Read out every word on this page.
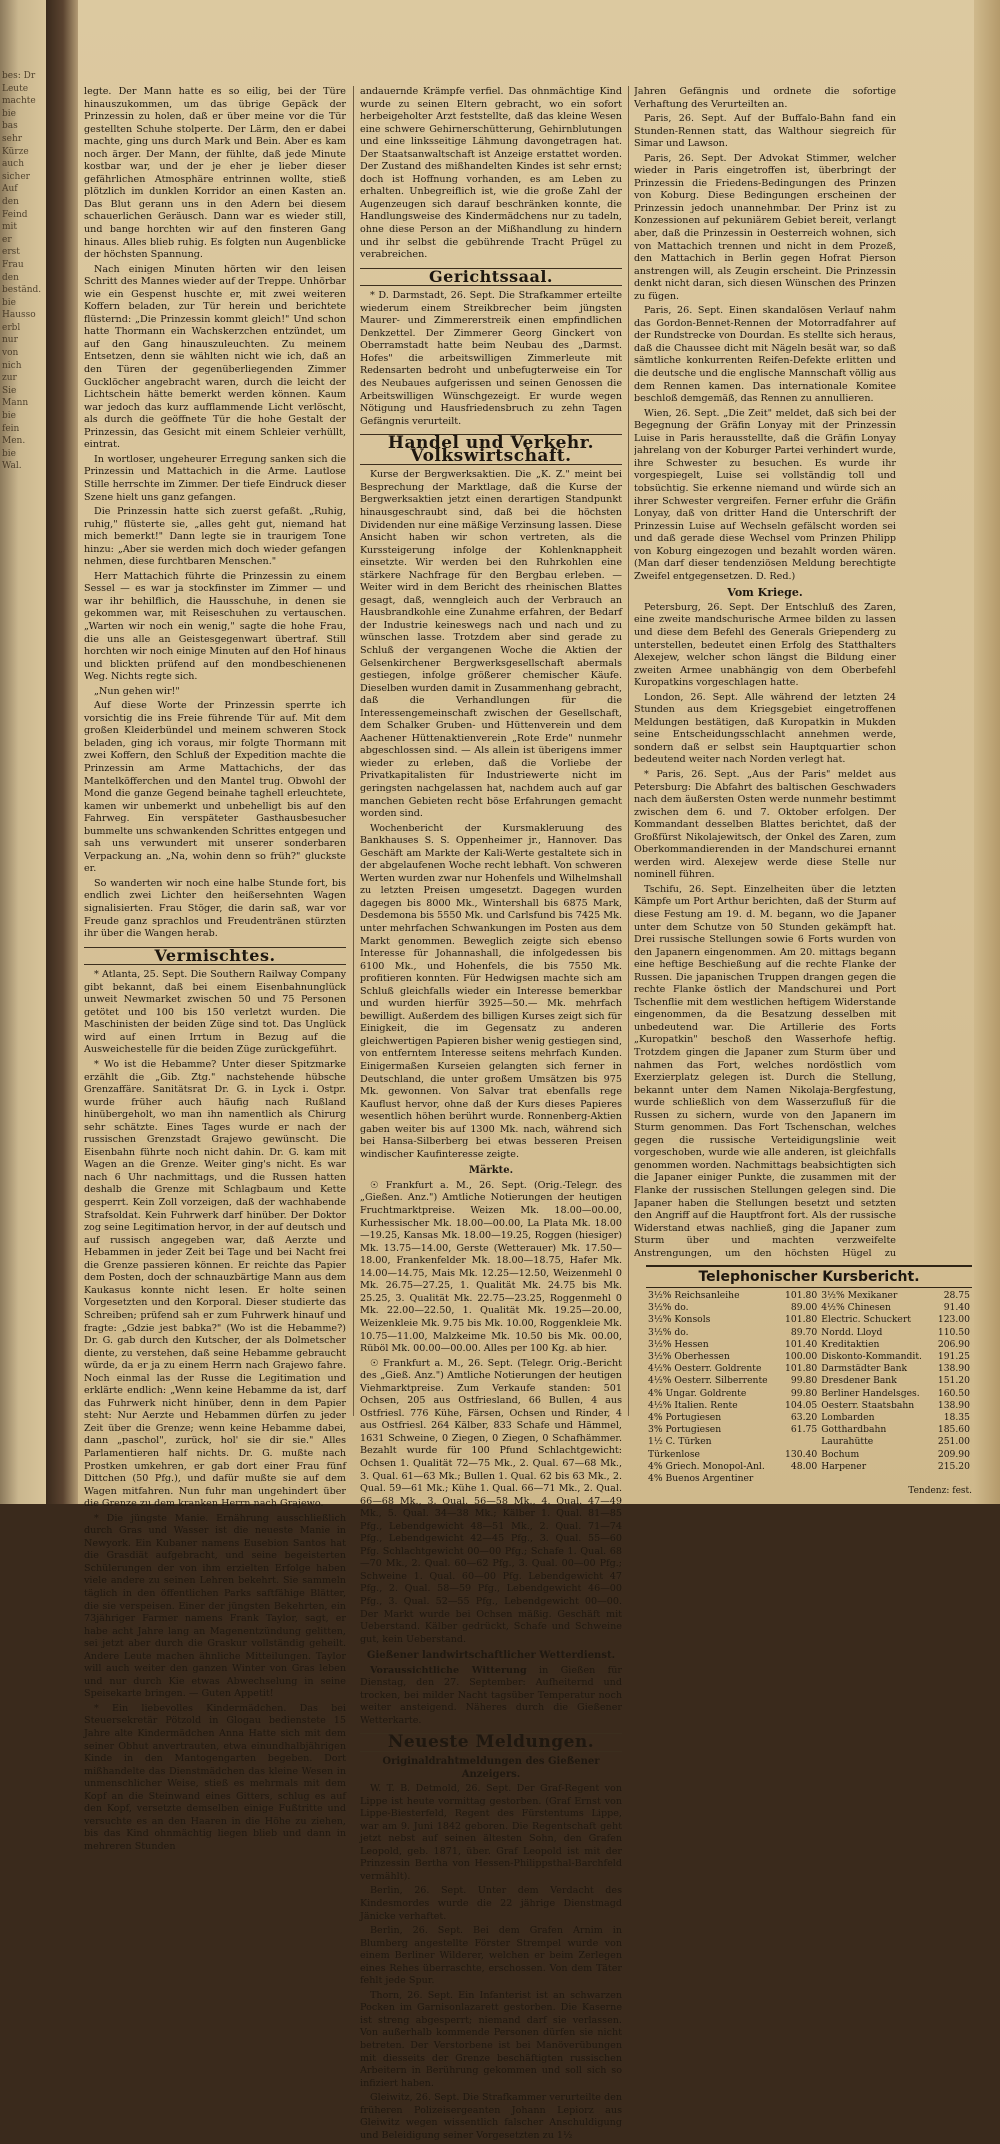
bes: Dr
Leute
machte
bie
bas
sehr
Kürze
auch
sicher
Auf
den
Feind
mit
er
erst
Frau
den
beständ.
bie
Hausso
erbl
nur
von
nich
zur
Sie
Mann
bie
fein
Men.
bie
Wal.

legte. Der Mann hatte es so eilig, bei der Türe hinauszukommen, um das übrige Gepäck der Prinzessin zu holen, daß er über meine vor die Tür gestellten Schuhe stolperte. Der Lärm, den er dabei machte, ging uns durch Mark und Bein. Aber es kam noch ärger. Der Mann, der fühlte, daß jede Minute kostbar war, und der je eher je lieber dieser gefährlichen Atmosphäre entrinnen wollte, stieß plötzlich im dunklen Korridor an einen Kasten an. Das Blut gerann uns in den Adern bei diesem schauerlichen Geräusch. Dann war es wieder still, und bange horchten wir auf den finsteren Gang hinaus. Alles blieb ruhig. Es folgten nun Augenblicke der höchsten Spannung.

Nach einigen Minuten hörten wir den leisen Schritt des Mannes wieder auf der Treppe. Unhörbar wie ein Gespenst huschte er, mit zwei weiteren Koffern beladen, zur Tür herein und berichtete flüsternd: „Die Prinzessin kommt gleich!" Und schon hatte Thormann ein Wachskerzchen entzündet, um auf den Gang hinauszuleuchten. Zu meinem Entsetzen, denn sie wählten nicht wie ich, daß an den Türen der gegenüberliegenden Zimmer Gucklöcher angebracht waren, durch die leicht der Lichtschein hätte bemerkt werden können. Kaum war jedoch das kurz aufflammende Licht verlöscht, als durch die geöffnete Tür die hohe Gestalt der Prinzessin, das Gesicht mit einem Schleier verhüllt, eintrat.

In wortloser, ungeheurer Erregung sanken sich die Prinzessin und Mattachich in die Arme. Lautlose Stille herrschte im Zimmer. Der tiefe Eindruck dieser Szene hielt uns ganz gefangen.

Die Prinzessin hatte sich zuerst gefaßt. „Ruhig, ruhig," flüsterte sie, „alles geht gut, niemand hat mich bemerkt!" Dann legte sie in traurigem Tone hinzu: „Aber sie werden mich doch wieder gefangen nehmen, diese furchtbaren Menschen."

Herr Mattachich führte die Prinzessin zu einem Sessel — es war ja stockfinster im Zimmer — und war ihr behilflich, die Hausschuhe, in denen sie gekommen war, mit Reiseschuhen zu vertauschen. „Warten wir noch ein wenig," sagte die hohe Frau, die uns alle an Geistesgegenwart übertraf. Still horchten wir noch einige Minuten auf den Hof hinaus und blickten prüfend auf den mondbeschienenen Weg. Nichts regte sich.

„Nun gehen wir!"

Auf diese Worte der Prinzessin sperrte ich vorsichtig die ins Freie führende Tür auf. Mit dem großen Kleiderbündel und meinem schweren Stock beladen, ging ich voraus, mir folgte Thormann mit zwei Koffern, den Schluß der Expedition machte die Prinzessin am Arme Mattachichs, der das Mantelköfferchen und den Mantel trug. Obwohl der Mond die ganze Gegend beinahe taghell erleuchtete, kamen wir unbemerkt und unbehelligt bis auf den Fahrweg. Ein verspäteter Gasthausbesucher bummelte uns schwankenden Schrittes entgegen und sah uns verwundert mit unserer sonderbaren Verpackung an. „Na, wohin denn so früh?" gluckste er.

So wanderten wir noch eine halbe Stunde fort, bis endlich zwei Lichter den heißersehnten Wagen signalisierten. Frau Stöger, die darin saß, war vor Freude ganz sprachlos und Freudentränen stürzten ihr über die Wangen herab.

Vermischtes.

* Atlanta, 25. Sept. Die Southern Railway Company gibt bekannt, daß bei einem Eisenbahnunglück unweit Newmarket zwischen 50 und 75 Personen getötet und 100 bis 150 verletzt wurden. Die Maschinisten der beiden Züge sind tot. Das Unglück wird auf einen Irrtum in Bezug auf die Ausweichestelle für die beiden Züge zurückgeführt.

* Wo ist die Hebamme? Unter dieser Spitzmarke erzählt die „Gib. Ztg." nachstehende hübsche Grenzaffäre. Sanitätsrat Dr. G. in Lyck i. Ostpr. wurde früher auch häufig nach Rußland hinübergeholt, wo man ihn namentlich als Chirurg sehr schätzte. Eines Tages wurde er nach der russischen Grenzstadt Grajewo gewünscht. Die Eisenbahn führte noch nicht dahin. Dr. G. kam mit Wagen an die Grenze. Weiter ging's nicht. Es war nach 6 Uhr nachmittags, und die Russen hatten deshalb die Grenze mit Schlagbaum und Kette gesperrt. Kein Zoll vorzeigen, daß der wachhabende Strafsoldat. Kein Fuhrwerk darf hinüber. Der Doktor zog seine Legitimation hervor, in der auf deutsch und auf russisch angegeben war, daß Aerzte und Hebammen in jeder Zeit bei Tage und bei Nacht frei die Grenze passieren können. Er reichte das Papier dem Posten, doch der schnauzbärtige Mann aus dem Kaukasus konnte nicht lesen. Er holte seinen Vorgesetzten und den Korporal. Dieser studierte das Schreiben; prüfend sah er zum Fuhrwerk hinauf und fragte: „Gdzie jest babka?" (Wo ist die Hebamme?) Dr. G. gab durch den Kutscher, der als Dolmetscher diente, zu verstehen, daß seine Hebamme gebraucht würde, da er ja zu einem Herrn nach Grajewo fahre. Noch einmal las der Russe die Legitimation und erklärte endlich: „Wenn keine Hebamme da ist, darf das Fuhrwerk nicht hinüber, denn in dem Papier steht: Nur Aerzte und Hebammen dürfen zu jeder Zeit über die Grenze; wenn keine Hebamme dabei, dann „paschol", zurück, hol' sie dir sie." Alles Parlamentieren half nichts. Dr. G. mußte nach Prostken umkehren, er gab dort einer Frau fünf Dittchen (50 Pfg.), und dafür mußte sie auf dem Wagen mitfahren. Nun fuhr man ungehindert über die Grenze zu dem kranken Herrn nach Grajewo.

* Die jüngste Manie. Ernährung ausschließlich durch Gras und Wasser ist die neueste Manie in Newyork. Ein Kubaner namens Eusebion Santos hat die Grasdiät aufgebracht, und seine begeisterten Schülerungen der von ihm erzielten Erfolge haben viele andere zu seinen Lehren bekehrt. Sie sammeln täglich in den öffentlichen Parks saftfähige Blätter, die sie verspeisen. Einer der jüngsten Bekehrten, ein 73jähriger Farmer namens Frank Taylor, sagt, er habe acht Jahre lang an Magenentzündung gelitten, sei jetzt aber durch die Graskur vollständig geheilt. Andere Leute machen ähnliche Mitteilungen. Taylor will auch weiter den ganzen Winter von Gras leben und nur durch Kie etwas Abwechselung in seine Speisekarte bringen. — Guten Appetit!

* Ein liebevolles Kindermädchen. Das bei Steuersekretär Pötzold in Glogau bedienstete 15 Jahre alte Kindermädchen Anna Hatte sich mit dem seiner Obhut anvertrauten, etwa einundhalbjährigen Kinde in den Mantogengarten begeben. Dort mißhandelte das Dienstmädchen das kleine Wesen in unmenschlicher Weise, stieß es mehrmals mit dem Kopf an die Steinwand eines Gitters, schlug es auf den Kopf, versetzte demselben einige Fußtritte und versuchte es an den Haaren in die Höhe zu ziehen, bis das Kind ohnmächtig liegen blieb und dann in mehreren Stunden

andauernde Krämpfe verfiel. Das ohnmächtige Kind wurde zu seinen Eltern gebracht, wo ein sofort herbeigeholter Arzt feststellte, daß das kleine Wesen eine schwere Gehirnerschütterung, Gehirnblutungen und eine linksseitige Lähmung davongetragen hat. Der Staatsanwaltschaft ist Anzeige erstattet worden. Der Zustand des mißhandelten Kindes ist sehr ernst; doch ist Hoffnung vorhanden, es am Leben zu erhalten. Unbegreiflich ist, wie die große Zahl der Augenzeugen sich darauf beschränken konnte, die Handlungsweise des Kindermädchens nur zu tadeln, ohne diese Person an der Mißhandlung zu hindern und ihr selbst die gebührende Tracht Prügel zu verabreichen.

Gerichtssaal.

* D. Darmstadt, 26. Sept. Die Strafkammer erteilte wiederum einem Streikbrecher beim jüngsten Maurer- und Zimmererstreik einen empfindlichen Denkzettel. Der Zimmerer Georg Ginckert von Oberramstadt hatte beim Neubau des „Darmst. Hofes" die arbeitswilligen Zimmerleute mit Redensarten bedroht und unbefugterweise ein Tor des Neubaues aufgerissen und seinen Genossen die Arbeitswilligen Wünschgezeigt. Er wurde wegen Nötigung und Hausfriedensbruch zu zehn Tagen Gefängnis verurteilt.

Handel und Verkehr. Volkswirtschaft.

Kurse der Bergwerksaktien. Die „K. Z." meint bei Besprechung der Marktlage, daß die Kurse der Bergwerksaktien jetzt einen derartigen Standpunkt hinausgeschraubt sind, daß bei die höchsten Dividenden nur eine mäßige Verzinsung lassen. Diese Ansicht haben wir schon vertreten, als die Kurssteigerung infolge der Kohlenknappheit einsetzte. Wir werden bei den Ruhrkohlen eine stärkere Nachfrage für den Bergbau erleben. — Weiter wird in dem Bericht des rheinischen Blattes gesagt, daß, wenngleich auch der Verbrauch an Hausbrandkohle eine Zunahme erfahren, der Bedarf der Industrie keineswegs nach und nach und zu wünschen lasse. Trotzdem aber sind gerade zu Schluß der vergangenen Woche die Aktien der Gelsenkirchener Bergwerksgesellschaft abermals gestiegen, infolge größerer chemischer Käufe. Dieselben wurden damit in Zusammenhang gebracht, daß die Verhandlungen für die Interessengemeinschaft zwischen der Gesellschaft, dem Schalker Gruben- und Hüttenverein und dem Aachener Hüttenaktienverein „Rote Erde" nunmehr abgeschlossen sind. — Als allein ist überigens immer wieder zu erleben, daß die Vorliebe der Privatkapitalisten für Industriewerte nicht im geringsten nachgelassen hat, nachdem auch auf gar manchen Gebieten recht böse Erfahrungen gemacht worden sind.

Wochenbericht der Kursmakleruung des Bankhauses S. S. Oppenheimer jr., Hannover. Das Geschäft am Markte der Kali-Werte gestaltete sich in der abgelaufenen Woche recht lebhaft. Von schweren Werten wurden zwar nur Hohenfels und Wilhelmshall zu letzten Preisen umgesetzt. Dagegen wurden dagegen bis 8000 Mk., Wintershall bis 6875 Mark, Desdemona bis 5550 Mk. und Carlsfund bis 7425 Mk. unter mehrfachen Schwankungen im Posten aus dem Markt genommen. Beweglich zeigte sich ebenso Interesse für Johannashall, die infolgedessen bis 6100 Mk., und Hohenfels, die bis 7550 Mk. profitieren konnten. Für Hedwigsen machte sich am Schluß gleichfalls wieder ein Interesse bemerkbar und wurden hierfür 3925—50.— Mk. mehrfach bewilligt. Außerdem des billigen Kurses zeigt sich für Einigkeit, die im Gegensatz zu anderen gleichwertigen Papieren bisher wenig gestiegen sind, von entferntem Interesse seitens mehrfach Kunden. Einigermaßen Kurseien gelangten sich ferner in Deutschland, die unter großem Umsätzen bis 975 Mk. gewonnen. Von Salvar trat ebenfalls rege Kauflust hervor, ohne daß der Kurs dieses Papieres wesentlich höhen berührt wurde. Ronnenberg-Aktien gaben weiter bis auf 1300 Mk. nach, während sich bei Hansa-Silberberg bei etwas besseren Preisen windischer Kaufinteresse zeigte.

Märkte.

☉ Frankfurt a. M., 26. Sept. (Orig.-Telegr. des „Gießen. Anz.") Amtliche Notierungen der heutigen Fruchtmarktpreise. Weizen Mk. 18.00—00.00, Kurhessischer Mk. 18.00—00.00, La Plata Mk. 18.00—19.25, Kansas Mk. 18.00—19.25, Roggen (hiesiger) Mk. 13.75—14.00, Gerste (Wetterauer) Mk. 17.50—18.00, Frankenfelder Mk. 18.00—18.75, Hafer Mk. 14.00—14.75, Mais Mk. 12.25—12.50, Weizenmehl 0 Mk. 26.75—27.25, 1. Qualität Mk. 24.75 bis Mk. 25.25, 3. Qualität Mk. 22.75—23.25, Roggenmehl 0 Mk. 22.00—22.50, 1. Qualität Mk. 19.25—20.00, Weizenkleie Mk. 9.75 bis Mk. 10.00, Roggenkleie Mk. 10.75—11.00, Malzkeime Mk. 10.50 bis Mk. 00.00, Rüböl Mk. 00.00—00.00. Alles per 100 Kg. ab hier.

☉ Frankfurt a. M., 26. Sept. (Telegr. Orig.-Bericht des „Gieß. Anz.") Amtliche Notierungen der heutigen Viehmarktpreise. Zum Verkaufe standen: 501 Ochsen, 205 aus Ostfriesland, 66 Bullen, 4 aus Ostfriesl. 776 Kühe, Färsen, Ochsen und Rinder, 4 aus Ostfriesl. 264 Kälber, 833 Schafe und Hämmel, 1631 Schweine, 0 Ziegen, 0 Ziegen, 0 Schafhämmer. Bezahlt wurde für 100 Pfund Schlachtgewicht: Ochsen 1. Qualität 72—75 Mk., 2. Qual. 67—68 Mk., 3. Qual. 61—63 Mk.; Bullen 1. Qual. 62 bis 63 Mk., 2. Qual. 59—61 Mk.; Kühe 1. Qual. 66—71 Mk., 2. Qual. 66—68 Mk., 3. Qual. 56—58 Mk., 4. Qual. 47—49 Mk., 5. Qual. 34—38 Mk.; Kälber 1. Qual. 81—85 Pfg., Lebendgewicht 48—51 Mk., 2. Qual. 71—74 Pfg., Lebendgewicht 42—45 Pfg., 3. Qual. 55—60 Pfg. Schlachtgewicht 00—00 Pfg.; Schafe 1. Qual. 68—70 Mk., 2. Qual. 60—62 Pfg., 3. Qual. 00—00 Pfg.; Schweine 1. Qual. 60—00 Pfg. Lebendgewicht 47 Pfg., 2. Qual. 58—59 Pfg., Lebendgewicht 46—00 Pfg., 3. Qual. 52—55 Pfg., Lebendgewicht 00—00. Der Markt wurde bei Ochsen mäßig. Geschäft mit Ueberstand. Kälber gedrückt, Schafe und Schweine gut, kein Ueberstand.

Gießener landwirtschaftlicher Wetterdienst.

Voraussichtliche Witterung in Gießen für Dienstag, den 27. September: Aufheiternd und trocken, bei milder Nacht tagsüber Temperatur noch weiter ansteigend. Näheres durch die Gießener Wetterkarte.

Neueste Meldungen.
Originaldrahtmeldungen des Gießener Anzeigers.

W. T. B. Detmold, 26. Sept. Der Graf-Regent von Lippe ist heute vormittag gestorben. (Graf Ernst von Lippe-Biesterfeld, Regent des Fürstentums Lippe, war am 9. Juni 1842 geboren. Die Regentschaft geht jetzt nebst auf seinen ältesten Sohn, den Grafen Leopold, geb. 1871, über. Graf Leopold ist mit der Prinzessin Bertha von Hessen-Philippsthal-Barchfeld vermählt).

Berlin, 26. Sept. Unter dem Verdacht des Kindesmordes wurde die 22 jährige Dienstmagd Jänicke verhaftet.

Berlin, 26. Sept. Bei dem Grafen Arnim in Blumberg angestellte Förster Strempel wurde von einem Berliner Wilderer, welchen er beim Zerlegen eines Rehes überraschte, erschossen. Von dem Täter fehlt jede Spur.

Thorn, 26. Sept. Ein Infanterist ist an schwarzen Pocken im Garnisonlazarett gestorben. Die Kaserne ist streng abgesperrt; niemand darf sie verlassen. Von außerhalb kommende Personen dürfen sie nicht betreten. Der Verstorbene ist bei Manöverübungen mit diesseits der Grenze beschäftigten russischen Arbeitern in Berührung gekommen und soll sich so infiziert haben.

Gleiwitz, 26. Sept. Die Strafkammer verurteilte den früheren Polizeisergeanten Johann Lepiorz aus Gleiwitz wegen wissentlich falscher Anschuldigung und Beleidigung seiner Vorgesetzten zu 1½

Jahren Gefängnis und ordnete die sofortige Verhaftung des Verurteilten an.

Paris, 26. Sept. Auf der Buffalo-Bahn fand ein Stunden-Rennen statt, das Walthour siegreich für Simar und Lawson.

Paris, 26. Sept. Der Advokat Stimmer, welcher wieder in Paris eingetroffen ist, überbringt der Prinzessin die Friedens-Bedingungen des Prinzen von Koburg. Diese Bedingungen erscheinen der Prinzessin jedoch unannehmbar. Der Prinz ist zu Konzessionen auf pekuniärem Gebiet bereit, verlangt aber, daß die Prinzessin in Oesterreich wohnen, sich von Mattachich trennen und nicht in dem Prozeß, den Mattachich in Berlin gegen Hofrat Pierson anstrengen will, als Zeugin erscheint. Die Prinzessin denkt nicht daran, sich diesen Wünschen des Prinzen zu fügen.

Paris, 26. Sept. Einen skandalösen Verlauf nahm das Gordon-Bennet-Rennen der Motorradfahrer auf der Rundstrecke von Dourdan. Es stellte sich heraus, daß die Chaussee dicht mit Nägeln besät war, so daß sämtliche konkurrenten Reifen-Defekte erlitten und die deutsche und die englische Mannschaft völlig aus dem Rennen kamen. Das internationale Komitee beschloß demgemäß, das Rennen zu annullieren.

Wien, 26. Sept. „Die Zeit" meldet, daß sich bei der Begegnung der Gräfin Lonyay mit der Prinzessin Luise in Paris herausstellte, daß die Gräfin Lonyay jahrelang von der Koburger Partei verhindert wurde, ihre Schwester zu besuchen. Es wurde ihr vorgespiegelt, Luise sei vollständig toll und tobsüchtig. Sie erkenne niemand und würde sich an ihrer Schwester vergreifen. Ferner erfuhr die Gräfin Lonyay, daß von dritter Hand die Unterschrift der Prinzessin Luise auf Wechseln gefälscht worden sei und daß gerade diese Wechsel vom Prinzen Philipp von Koburg eingezogen und bezahlt worden wären. (Man darf dieser tendenziösen Meldung berechtigte Zweifel entgegensetzen. D. Red.)

Vom Kriege.

Petersburg, 26. Sept. Der Entschluß des Zaren, eine zweite mandschurische Armee bilden zu lassen und diese dem Befehl des Generals Griependerg zu unterstellen, bedeutet einen Erfolg des Statthalters Alexejew, welcher schon längst die Bildung einer zweiten Armee unabhängig von dem Oberbefehl Kuropatkins vorgeschlagen hatte.

London, 26. Sept. Alle während der letzten 24 Stunden aus dem Kriegsgebiet eingetroffenen Meldungen bestätigen, daß Kuropatkin in Mukden seine Entscheidungsschlacht annehmen werde, sondern daß er selbst sein Hauptquartier schon bedeutend weiter nach Norden verlegt hat.

* Paris, 26. Sept. „Aus der Paris" meldet aus Petersburg: Die Abfahrt des baltischen Geschwaders nach dem äußersten Osten werde nunmehr bestimmt zwischen dem 6. und 7. Oktober erfolgen. Der Kommandant desselben Blattes berichtet, daß der Großfürst Nikolajewitsch, der Onkel des Zaren, zum Oberkommandierenden in der Mandschurei ernannt werden wird. Alexejew werde diese Stelle nur nominell führen.

Tschifu, 26. Sept. Einzelheiten über die letzten Kämpfe um Port Arthur berichten, daß der Sturm auf diese Festung am 19. d. M. begann, wo die Japaner unter dem Schutze von 50 Stunden gekämpft hat. Drei russische Stellungen sowie 6 Forts wurden von den Japanern eingenommen. Am 20. mittags begann eine heftige Beschießung auf die rechte Flanke der Russen. Die japanischen Truppen drangen gegen die rechte Flanke östlich der Mandschurei und Port Tschenflie mit dem westlichen heftigem Widerstande eingenommen, da die Besatzung desselben mit unbedeutend war. Die Artillerie des Forts „Kuropatkin" beschoß den Wasserhofe heftig. Trotzdem gingen die Japaner zum Sturm über und nahmen das Fort, welches nordöstlich vom Exerzierplatz gelegen ist. Durch die Stellung, bekannt unter dem Namen Nikolaja-Bergfestung, wurde schließlich von dem Wasserzufluß für die Russen zu sichern, wurde von den Japanern im Sturm genommen. Das Fort Tschenschan, welches gegen die russische Verteidigungslinie weit vorgeschoben, wurde wie alle anderen, ist gleichfalls genommen worden. Nachmittags beabsichtigten sich die Japaner einiger Punkte, die zusammen mit der Flanke der russischen Stellungen gelegen sind. Die Japaner haben die Stellungen besetzt und setzten den Angriff auf die Hauptfront fort. Als der russische Widerstand etwas nachließ, ging die Japaner zum Sturm über und machten verzweifelte Anstrengungen, um den höchsten Hügel zu

Telephonischer Kursbericht.
3½% Reichsanleihe	101.80	3½% Mexikaner	28.75
3½% do.	89.00	4½% Chinesen	91.40
3½% Konsols	101.80	Electric. Schuckert	123.00
3½% do.	89.70	Nordd. Lloyd	110.50
3½% Hessen	101.40	Kreditaktien	206.90
3½% Oberhessen	100.00	Diskonto-Kommandit.	191.25
4½% Oesterr. Goldrente	101.80	Darmstädter Bank	138.90
4½% Oesterr. Silberrente	99.80	Dresdener Bank	151.20
4% Ungar. Goldrente	99.80	Berliner Handelsges.	160.50
4½% Italien. Rente	104.05	Oesterr. Staatsbahn	138.90
4% Portugiesen	63.20	Lombarden	18.35
3% Portugiesen	61.75	Gotthardbahn	185.60
1½ C. Türken		Laurahütte	251.00
Türkenlose	130.40	Bochum	209.90
4% Griech. Monopol-Anl.	48.00	Harpener	215.20
4% Buenos Argentiner			
Tendenz: fest.
